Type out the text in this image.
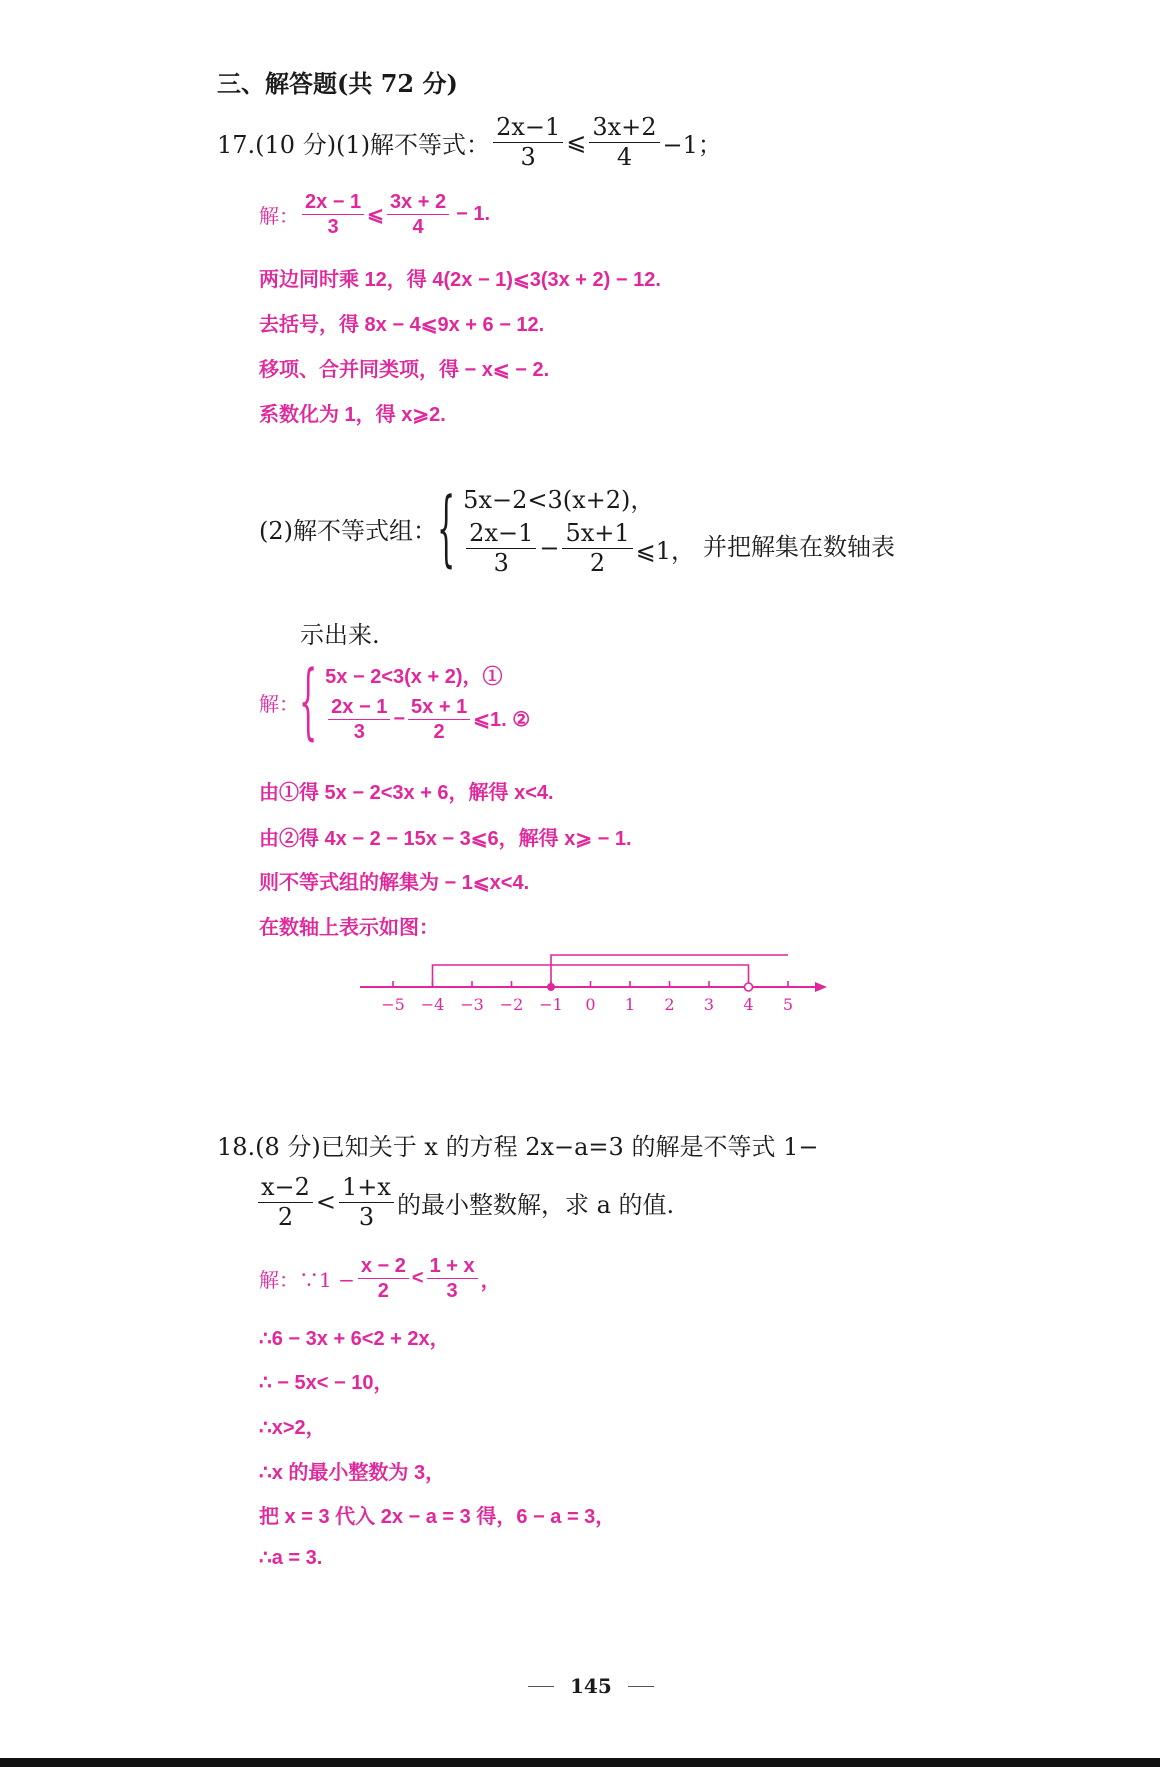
三、解答题(共 72 分)
17.(10 分)(1)解不等式： $\frac{2x-1}{3}$ ⩽ $\frac{3x+2}{4} -1$；
解： $\frac{2x - 1}{3}$ ⩽ $\frac{3x + 2}{4} - 1$.
两边同时乘 12，得 4(2x − 1)⩽3(3x + 2) − 12.
去括号，得 8x − 4⩽9x + 6 − 12.
移项、合并同类项，得 − x⩽ − 2.
系数化为 1，得 x⩾2.
(2)解不等式组： { 5x−2<3(x+2)，
$\frac{2x-1}{3} - \frac{5x+1}{2}$ ⩽1， 并把解集在数轴表
示出来.
解： { 5x − 2<3(x + 2)，①
$\frac{2x - 1}{3} - \frac{5x + 1}{2}$ ⩽1. ②
由①得 5x − 2<3x + 6，解得 x<4.
由②得 4x − 2 − 15x − 3⩽6，解得 x⩾ − 1.
则不等式组的解集为 − 1⩽x<4.
在数轴上表示如图：
−5 −4 −3 −2 −1 0 1 2 3 4 5
18.(8 分)已知关于 x 的方程 2x−a=3 的解是不等式 1−
$\frac{x-2}{2} < \frac{1+x}{3}$ 的最小整数解，求 a 的值.
解：∵1 − $\frac{x - 2}{2} < \frac{1 + x}{3}$ ，
∴6 − 3x + 6<2 + 2x，
∴ − 5x< − 10，
∴x>2，
∴x 的最小整数为 3，
把 x = 3 代入 2x − a = 3 得，6 − a = 3，
∴a = 3.
145
